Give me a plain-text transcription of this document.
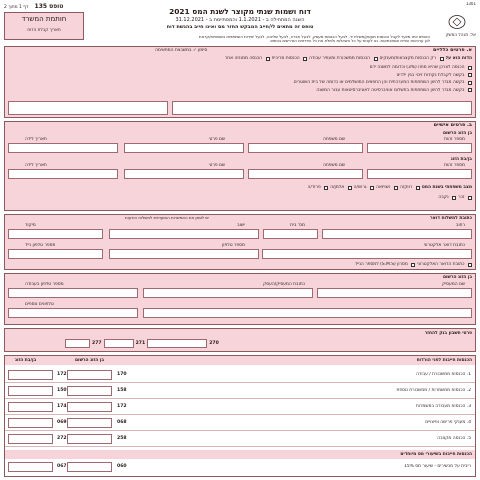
1301
אל: מנהל המשק
דוח ושמות שנתי מקוצר לשנת המס 2021
השנה המתחילה ב - 1.1.2021 והמסתיימת ב - 31.12.2021
טופס זה מתאים לי/חייב המבקש החזר מס ואינו חייב בהגשת דוח
טופס 135 דף 1 מתוך 2
חותמת המשרד
תאריך קבלת הדוח
הטופס אינו מיועד לקבל הכנסות מעסק/משלח יד, לבעל הכנסות מעסק, לבעל חברה, לבעל שליטה, לבעל יחידות השתתפות בשותפות/קרנות
לכן ערכאות הוויית אסמכתאות. נא לענות על כל השאלות ולמלא את כל הפרטים הנדרשים בטופס
א. פרטים כלליים
סימון ✓ במשבצת המתאימה
הדוח הוא על
רק הכנסות מקצבאות/מענקים
הכנסות ממשכורת ומעוזיר עבודה
הכנסות מריבית
הכנסה ממנחה אחר
הכנסה לצרכן שהיא מחוז (3%) וכדומה למשנה ידם
בקשה לקבלת נקודות זיכוי בגין ילדים
בקשה מגדר להיוון השתתפות המערכתית והן החפצים המושלמים או כדומה של בית השוטרים
בקשה מגדר להיוון השתתפות בתשלום אוניברסיטה לאוניברסיטאות עבור המשנה
ב. פרטים אישיים
בן הזוג הרשום
מספר זהות
שם משפחה
שם פרטי
תאריך לידה
בן/בת הזוג
מספר זהות
שם משפחה
שם פרטי
תאריך לידה
מצב משפחתי בשנת המס
רווק/ה
נשוי/אה
גרוש/ה
אלמן/ה
פרוד/ה
זכר
נקבה
כתובת למשלוח דואר
יש לסמן את האפשרות המועדפת למשלוח הודעות
רחוב
מס' בית
ישוב
מיקוד
כתובת דואר אלקטרוני
מספר טלפון
מספר טלפון נייד
כתובת הדואר האלקטרוני
מסרון (S.M.S) למספר הנייד
בן הזוג הרשום
שם המעסיק
כתובת המעסיק/העסק
מספר טלפון בעבודה
טלפונים נוספים
פרטי חשבון בנק להחזר
270
271
277
הכנסות חייבות לפני הורדות
בן הזוג הרשום
בן/בת הזוג
1. הכנסות ממשכורת / עבודה
170
172
2. הכנסות ממשמרות / ממשכורת נוספת
158
150
3. הכנסות מעבודה במשמרות
172
174
4. מענקי פרישה ופיצויים
068
069
5. הכנסה מקצבה
258
272
הכנסות חייבות בשיעורי מס מיוחדים
ריבית על מכשירים - שיעור מס 15%
060
067
